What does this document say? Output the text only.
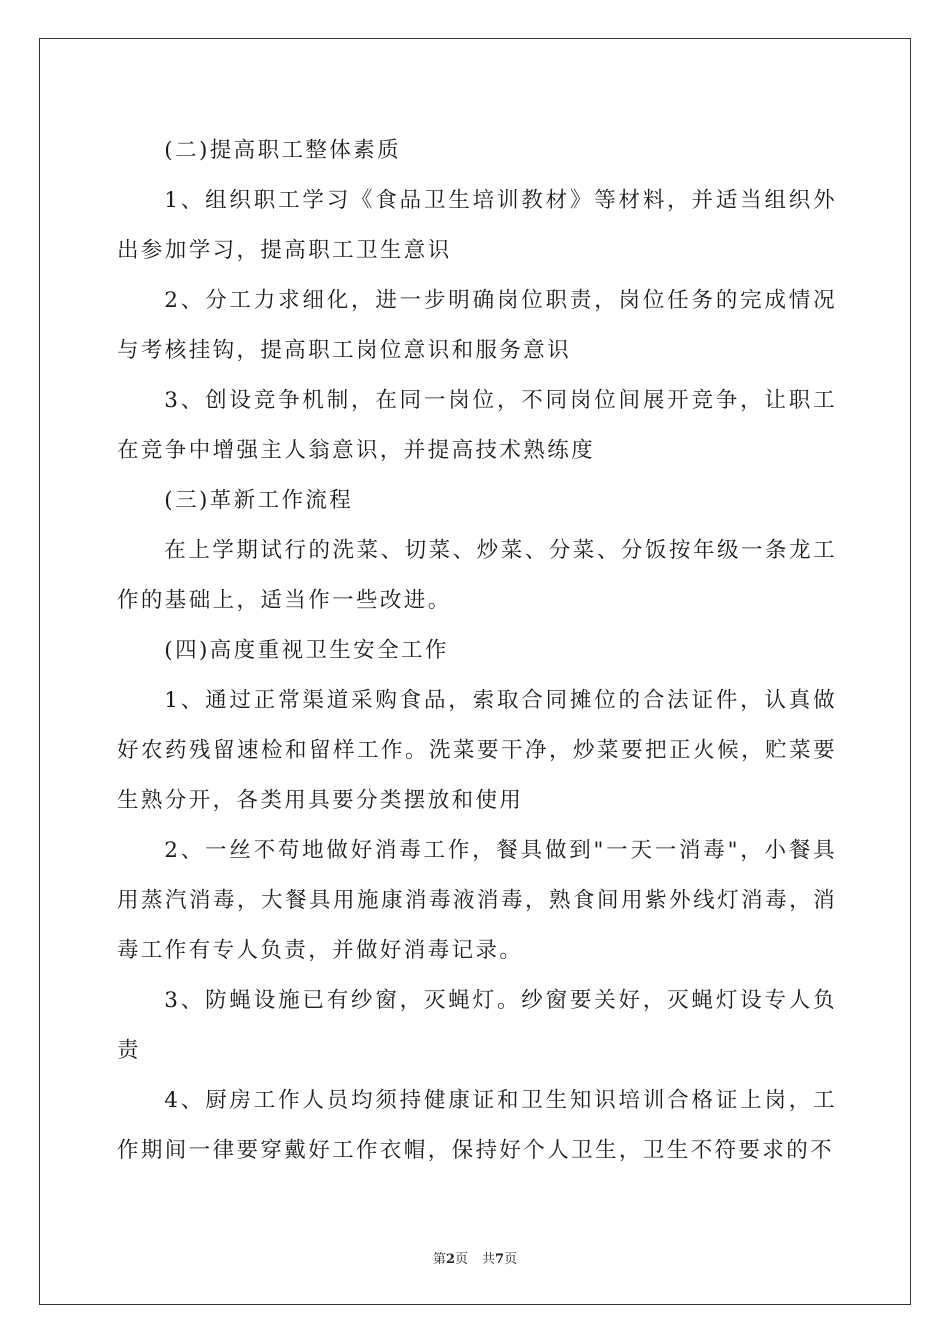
(二)提高职工整体素质

1、组织职工学习《食品卫生培训教材》等材料，并适当组织外出参加学习，提高职工卫生意识

2、分工力求细化，进一步明确岗位职责，岗位任务的完成情况与考核挂钩，提高职工岗位意识和服务意识

3、创设竞争机制，在同一岗位，不同岗位间展开竞争，让职工在竞争中增强主人翁意识，并提高技术熟练度

(三)革新工作流程

在上学期试行的洗菜、切菜、炒菜、分菜、分饭按年级一条龙工作的基础上，适当作一些改进。

(四)高度重视卫生安全工作

1、通过正常渠道采购食品，索取合同摊位的合法证件，认真做好农药残留速检和留样工作。洗菜要干净，炒菜要把正火候，贮菜要生熟分开，各类用具要分类摆放和使用

2、一丝不苟地做好消毒工作，餐具做到"一天一消毒"，小餐具用蒸汽消毒，大餐具用施康消毒液消毒，熟食间用紫外线灯消毒，消毒工作有专人负责，并做好消毒记录。

3、防蝇设施已有纱窗，灭蝇灯。纱窗要关好，灭蝇灯设专人负责

4、厨房工作人员均须持健康证和卫生知识培训合格证上岗，工作期间一律要穿戴好工作衣帽，保持好个人卫生，卫生不符要求的不

第2页 共7页
